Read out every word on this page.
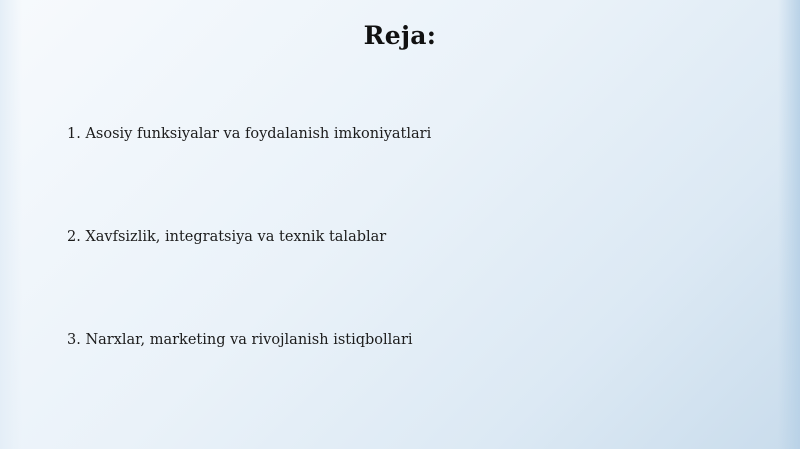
Reja:
1. Asosiy funksiyalar va foydalanish imkoniyatlari
2. Xavfsizlik, integratsiya va texnik talablar
3. Narxlar, marketing va rivojlanish istiqbollari
